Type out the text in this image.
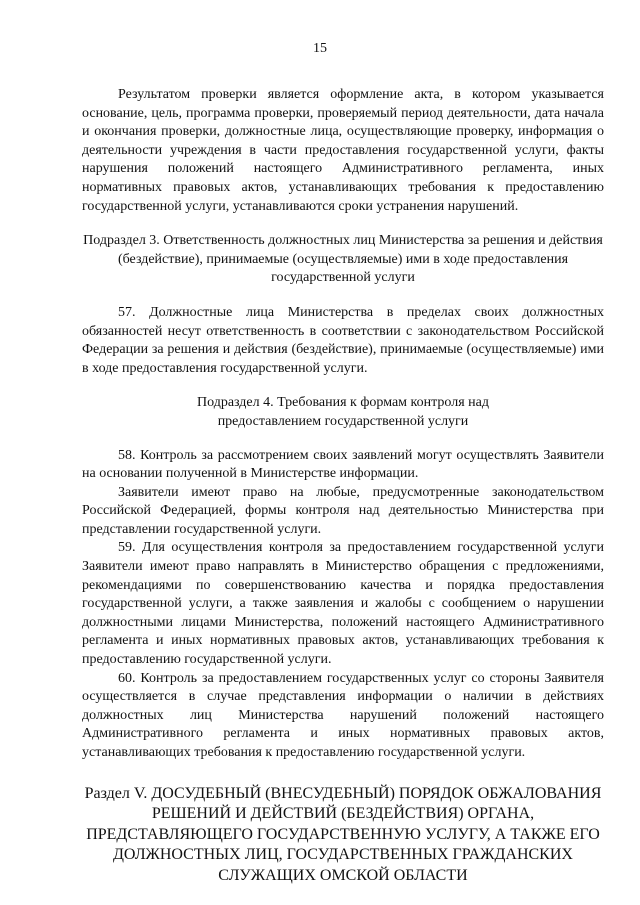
15

Результатом проверки является оформление акта, в котором указывается основание, цель, программа проверки, проверяемый период деятельности, дата начала и окончания проверки, должностные лица, осуществляющие проверку, информация о деятельности учреждения в части предоставления государственной услуги, факты нарушения положений настоящего Административного регламента, иных нормативных правовых актов, устанавливающих требования к предоставлению государственной услуги, устанавливаются сроки устранения нарушений.

Подраздел 3. Ответственность должностных лиц Министерства за решения и действия (бездействие), принимаемые (осуществляемые) ими в ходе предоставления государственной услуги

57. Должностные лица Министерства в пределах своих должностных обязанностей несут ответственность в соответствии с законодательством Российской Федерации за решения и действия (бездействие), принимаемые (осуществляемые) ими в ходе предоставления государственной услуги.

Подраздел 4. Требования к формам контроля над предоставлением государственной услуги

58. Контроль за рассмотрением своих заявлений могут осуществлять Заявители на основании полученной в Министерстве информации.

Заявители имеют право на любые, предусмотренные законодательством Российской Федерацией, формы контроля над деятельностью Министерства при представлении государственной услуги.

59. Для осуществления контроля за предоставлением государственной услуги Заявители имеют право направлять в Министерство обращения с предложениями, рекомендациями по совершенствованию качества и порядка предоставления государственной услуги, а также заявления и жалобы с сообщением о нарушении должностными лицами Министерства, положений настоящего Административного регламента и иных нормативных правовых актов, устанавливающих требования к предоставлению государственной услуги.

60. Контроль за предоставлением государственных услуг со стороны Заявителя осуществляется в случае представления информации о наличии в действиях должностных лиц Министерства нарушений положений настоящего Административного регламента и иных нормативных правовых актов, устанавливающих требования к предоставлению государственной услуги.

Раздел V. ДОСУДЕБНЫЙ (ВНЕСУДЕБНЫЙ) ПОРЯДОК ОБЖАЛОВАНИЯ РЕШЕНИЙ И ДЕЙСТВИЙ (БЕЗДЕЙСТВИЯ) ОРГАНА, ПРЕДСТАВЛЯЮЩЕГО ГОСУДАРСТВЕННУЮ УСЛУГУ, А ТАКЖЕ ЕГО ДОЛЖНОСТНЫХ ЛИЦ, ГОСУДАРСТВЕННЫХ ГРАЖДАНСКИХ СЛУЖАЩИХ ОМСКОЙ ОБЛАСТИ
